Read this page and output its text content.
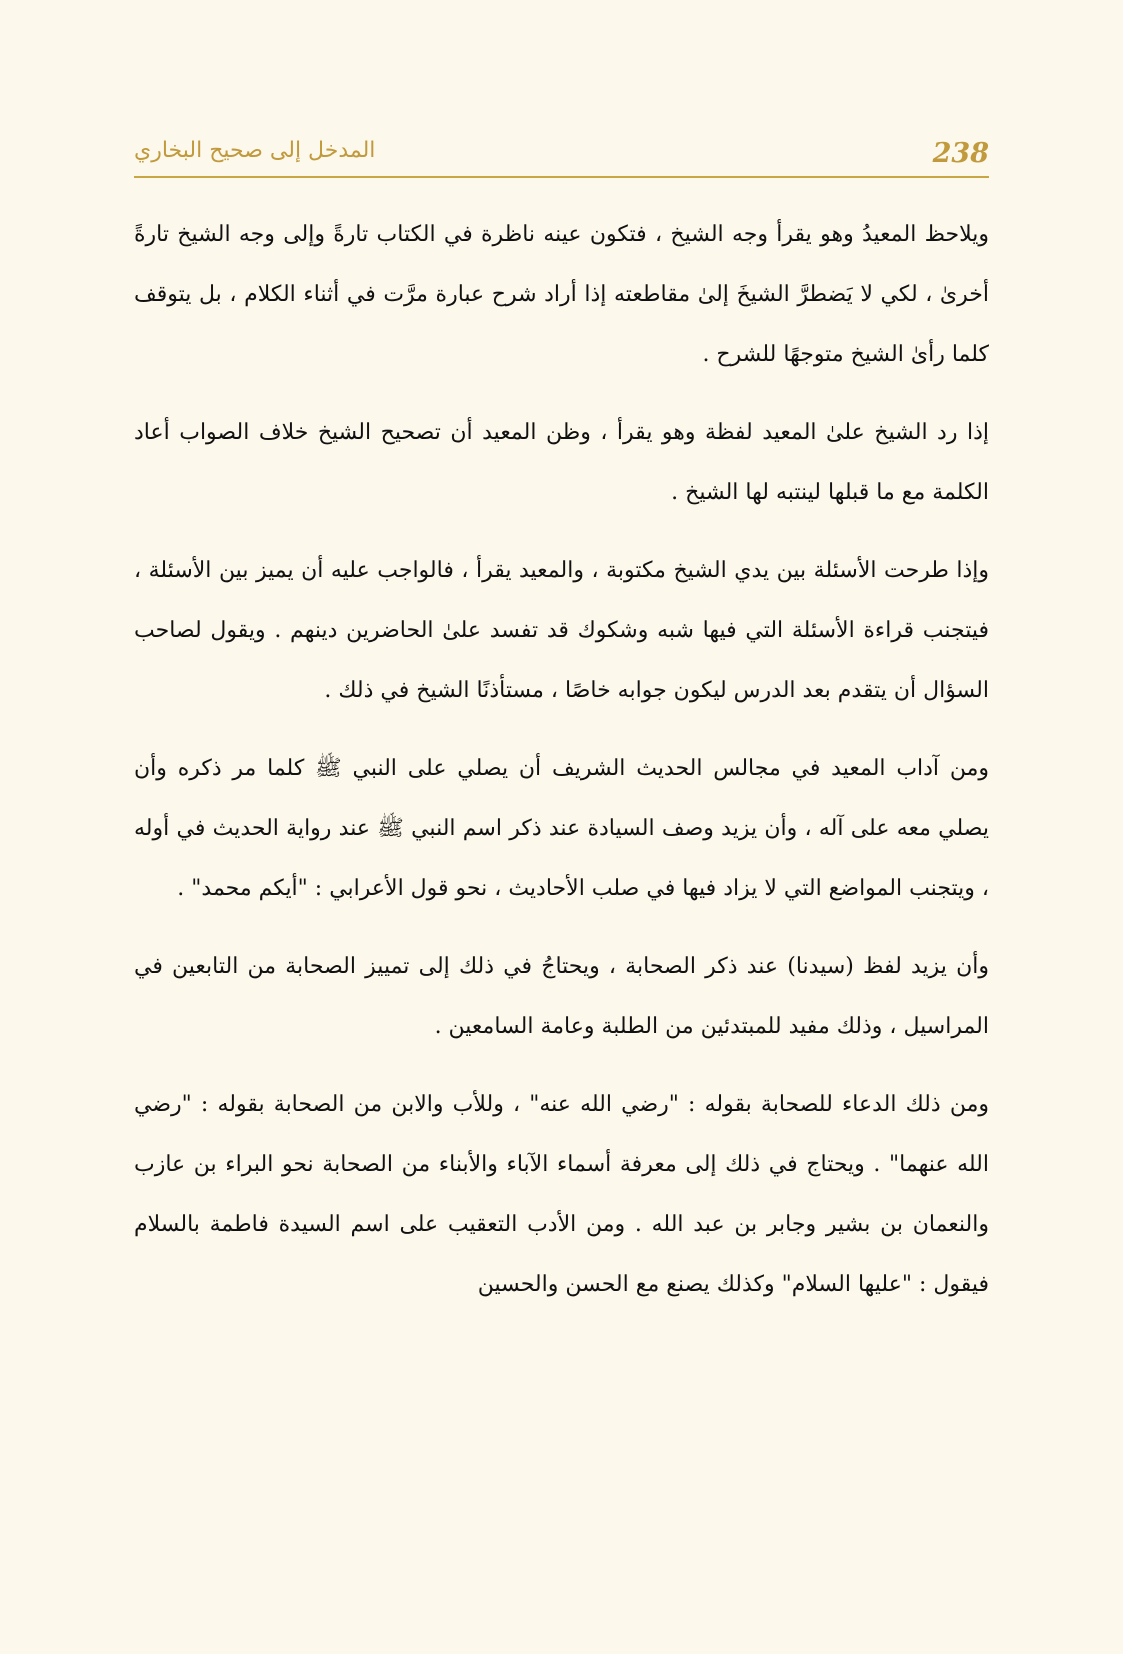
238
المدخل إلى صحيح البخاري

ويلاحظ المعيدُ وهو يقرأ وجه الشيخ ، فتكون عينه ناظرة في الكتاب تارةً وإلى وجه الشيخ تارةً أخرىٰ ، لكي لا يَضطرَّ الشيخَ إلىٰ مقاطعته إذا أراد شرح عبارة مرَّت في أثناء الكلام ، بل يتوقف كلما رأىٰ الشيخ متوجهًا للشرح .

إذا رد الشيخ علىٰ المعيد لفظة وهو يقرأ ، وظن المعيد أن تصحيح الشيخ خلاف الصواب أعاد الكلمة مع ما قبلها لينتبه لها الشيخ .

وإذا طرحت الأسئلة بين يدي الشيخ مكتوبة ، والمعيد يقرأ ، فالواجب عليه أن يميز بين الأسئلة ، فيتجنب قراءة الأسئلة التي فيها شبه وشكوك قد تفسد علىٰ الحاضرين دينهم . ويقول لصاحب السؤال أن يتقدم بعد الدرس ليكون جوابه خاصًا ، مستأذنًا الشيخ في ذلك .

ومن آداب المعيد في مجالس الحديث الشريف أن يصلي على النبي ﷺ كلما مر ذكره وأن يصلي معه على آله ، وأن يزيد وصف السيادة عند ذكر اسم النبي ﷺ عند رواية الحديث في أوله ، ويتجنب المواضع التي لا يزاد فيها في صلب الأحاديث ، نحو قول الأعرابي : "أيكم محمد" .

وأن يزيد لفظ (سيدنا) عند ذكر الصحابة ، ويحتاجُ في ذلك إلى تمييز الصحابة من التابعين في المراسيل ، وذلك مفيد للمبتدئين من الطلبة وعامة السامعين .

ومن ذلك الدعاء للصحابة بقوله : "رضي الله عنه" ، وللأب والابن من الصحابة بقوله : "رضي الله عنهما" . ويحتاج في ذلك إلى معرفة أسماء الآباء والأبناء من الصحابة نحو البراء بن عازب والنعمان بن بشير وجابر بن عبد الله . ومن الأدب التعقيب على اسم السيدة فاطمة بالسلام فيقول : "عليها السلام" وكذلك يصنع مع الحسن والحسين
